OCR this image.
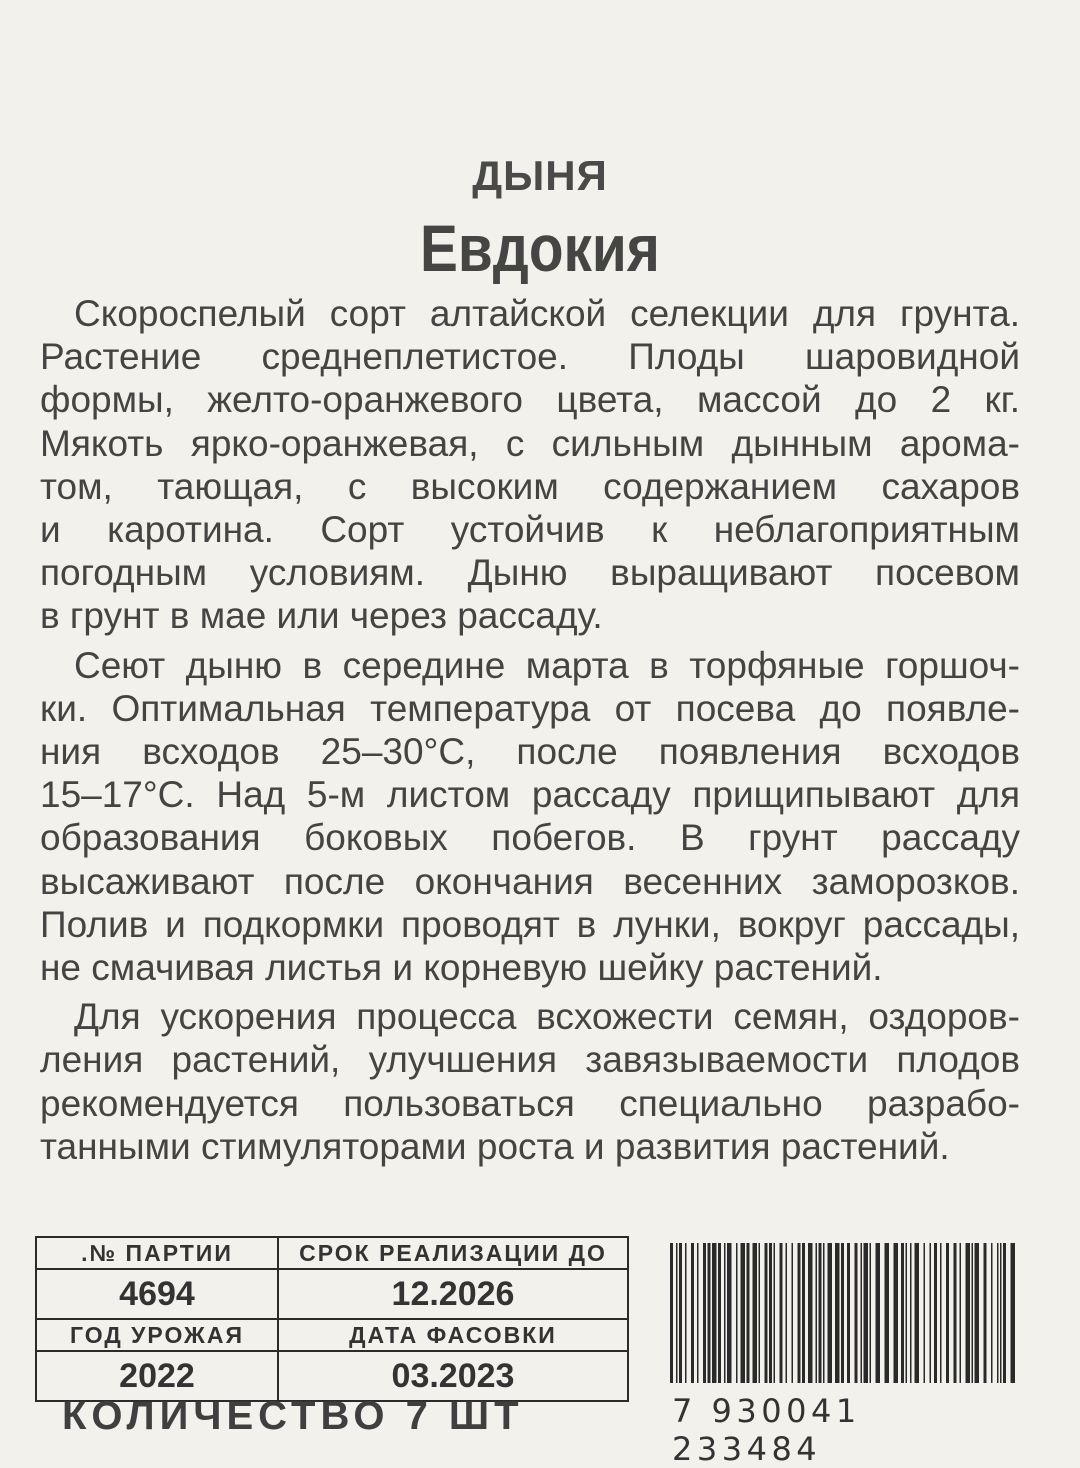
ДЫНЯ
Евдокия

Скороспелый сорт алтайской селекции для грунта.
Растение среднеплетистое. Плоды шаровидной
формы, желто-оранжевого цвета, массой до 2 кг.
Мякоть ярко-оранжевая, с сильным дынным арома-
том, тающая, с высоким содержанием сахаров
и каротина. Сорт устойчив к неблагоприятным
погодным условиям. Дыню выращивают посевом
в грунт в мае или через рассаду.

Сеют дыню в середине марта в торфяные горшоч-
ки. Оптимальная температура от посева до появле-
ния всходов 25–30°С, после появления всходов
15–17°С. Над 5-м листом рассаду прищипывают для
образования боковых побегов. В грунт рассаду
высаживают после окончания весенних заморозков.
Полив и подкормки проводят в лунки, вокруг рассады,
не смачивая листья и корневую шейку растений.

Для ускорения процесса всхожести семян, оздоров-
ления растений, улучшения завязываемости плодов
рекомендуется пользоваться специально разрабо-
танными стимуляторами роста и развития растений.

.№ ПАРТИИ	СРОК РЕАЛИЗАЦИИ ДО
4694	12.2026
ГОД УРОЖАЯ	ДАТА ФАСОВКИ
2022	03.2023
КОЛИЧЕСТВО 7 ШТ	7 930041 233484
